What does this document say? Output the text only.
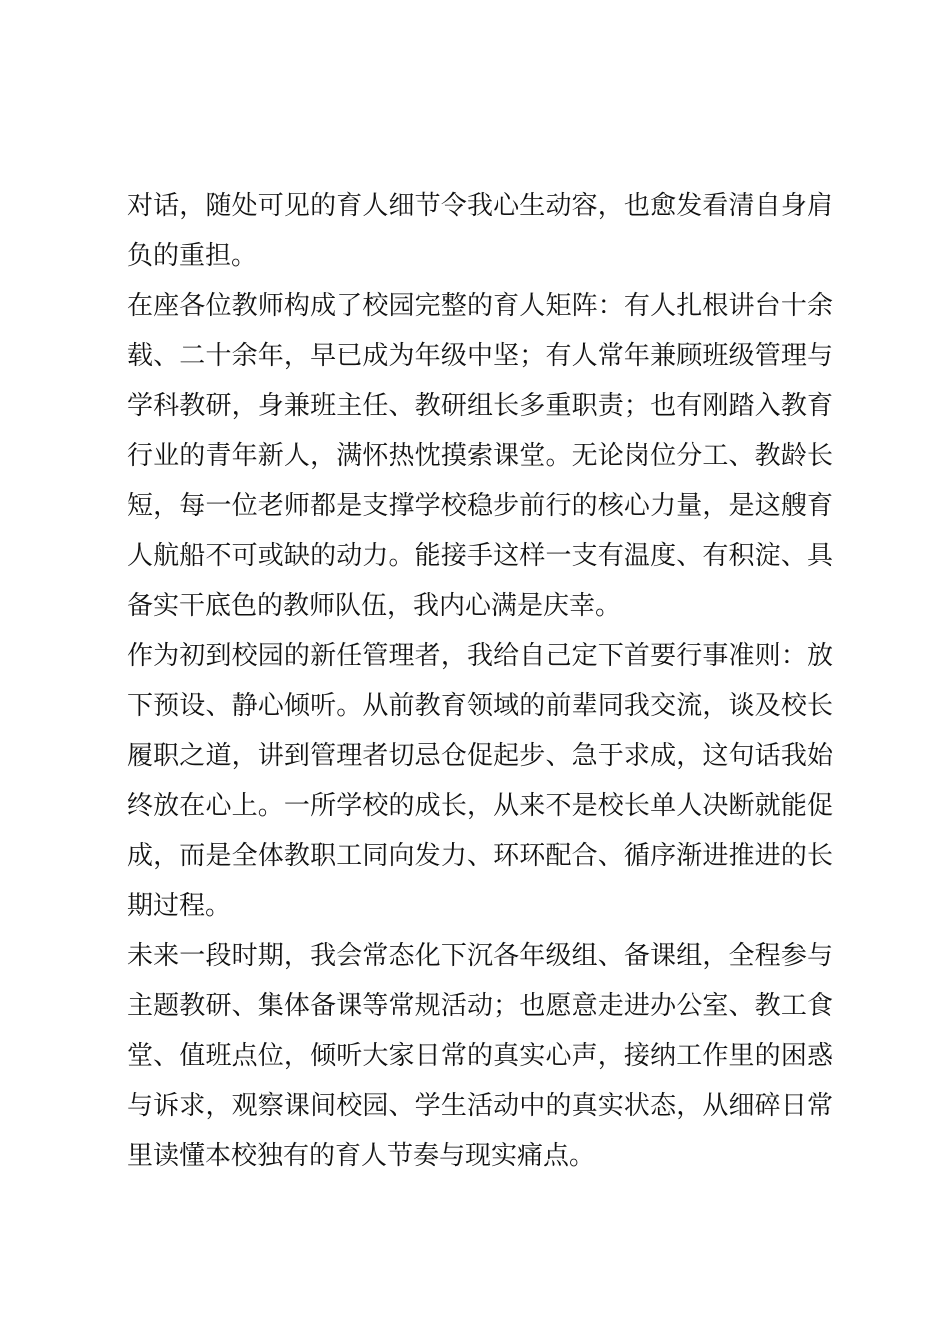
对话，随处可见的育人细节令我心生动容，也愈发看清自身肩
负的重担。
在座各位教师构成了校园完整的育人矩阵：有人扎根讲台十余
载、二十余年，早已成为年级中坚；有人常年兼顾班级管理与
学科教研，身兼班主任、教研组长多重职责；也有刚踏入教育
行业的青年新人，满怀热忱摸索课堂。无论岗位分工、教龄长
短，每一位老师都是支撑学校稳步前行的核心力量，是这艘育
人航船不可或缺的动力。能接手这样一支有温度、有积淀、具
备实干底色的教师队伍，我内心满是庆幸。
作为初到校园的新任管理者，我给自己定下首要行事准则：放
下预设、静心倾听。从前教育领域的前辈同我交流，谈及校长
履职之道，讲到管理者切忌仓促起步、急于求成，这句话我始
终放在心上。一所学校的成长，从来不是校长单人决断就能促
成，而是全体教职工同向发力、环环配合、循序渐进推进的长
期过程。
未来一段时期，我会常态化下沉各年级组、备课组，全程参与
主题教研、集体备课等常规活动；也愿意走进办公室、教工食
堂、值班点位，倾听大家日常的真实心声，接纳工作里的困惑
与诉求，观察课间校园、学生活动中的真实状态，从细碎日常
里读懂本校独有的育人节奏与现实痛点。
